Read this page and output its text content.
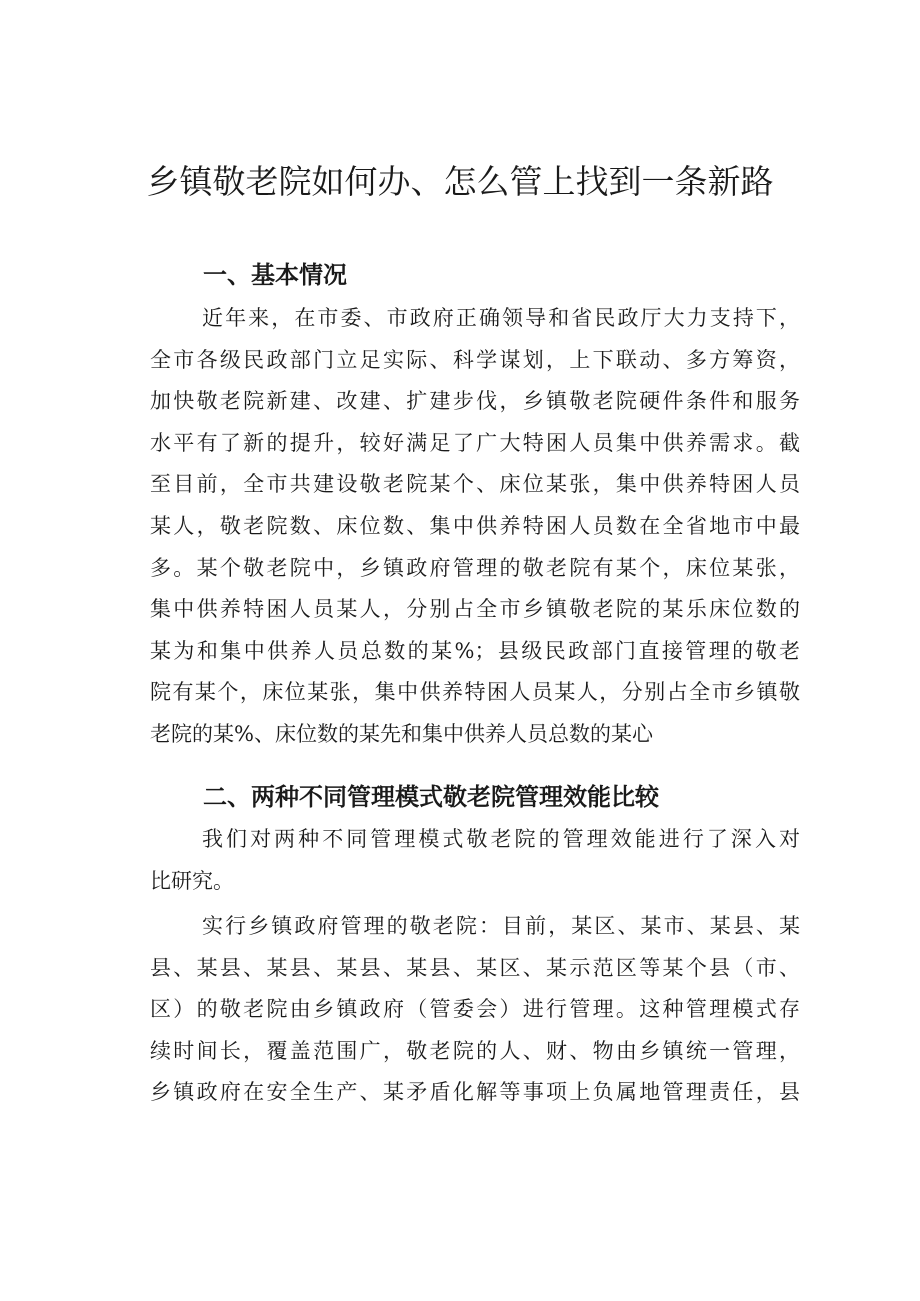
乡镇敬老院如何办、怎么管上找到一条新路
一、基本情况
近年来，在市委、市政府正确领导和省民政厅大力支持下，
全市各级民政部门立足实际、科学谋划，上下联动、多方筹资，
加快敬老院新建、改建、扩建步伐，乡镇敬老院硬件条件和服务
水平有了新的提升，较好满足了广大特困人员集中供养需求。截
至目前，全市共建设敬老院某个、床位某张，集中供养特困人员
某人，敬老院数、床位数、集中供养特困人员数在全省地市中最
多。某个敬老院中，乡镇政府管理的敬老院有某个，床位某张，
集中供养特困人员某人，分别占全市乡镇敬老院的某乐床位数的
某为和集中供养人员总数的某%；县级民政部门直接管理的敬老
院有某个，床位某张，集中供养特困人员某人，分别占全市乡镇敬
老院的某%、床位数的某先和集中供养人员总数的某心
二、两种不同管理模式敬老院管理效能比较
我们对两种不同管理模式敬老院的管理效能进行了深入对
比研究。
实行乡镇政府管理的敬老院：目前，某区、某市、某县、某
县、某县、某县、某县、某县、某区、某示范区等某个县（市、
区）的敬老院由乡镇政府（管委会）进行管理。这种管理模式存
续时间长，覆盖范围广，敬老院的人、财、物由乡镇统一管理，
乡镇政府在安全生产、某矛盾化解等事项上负属地管理责任，县
